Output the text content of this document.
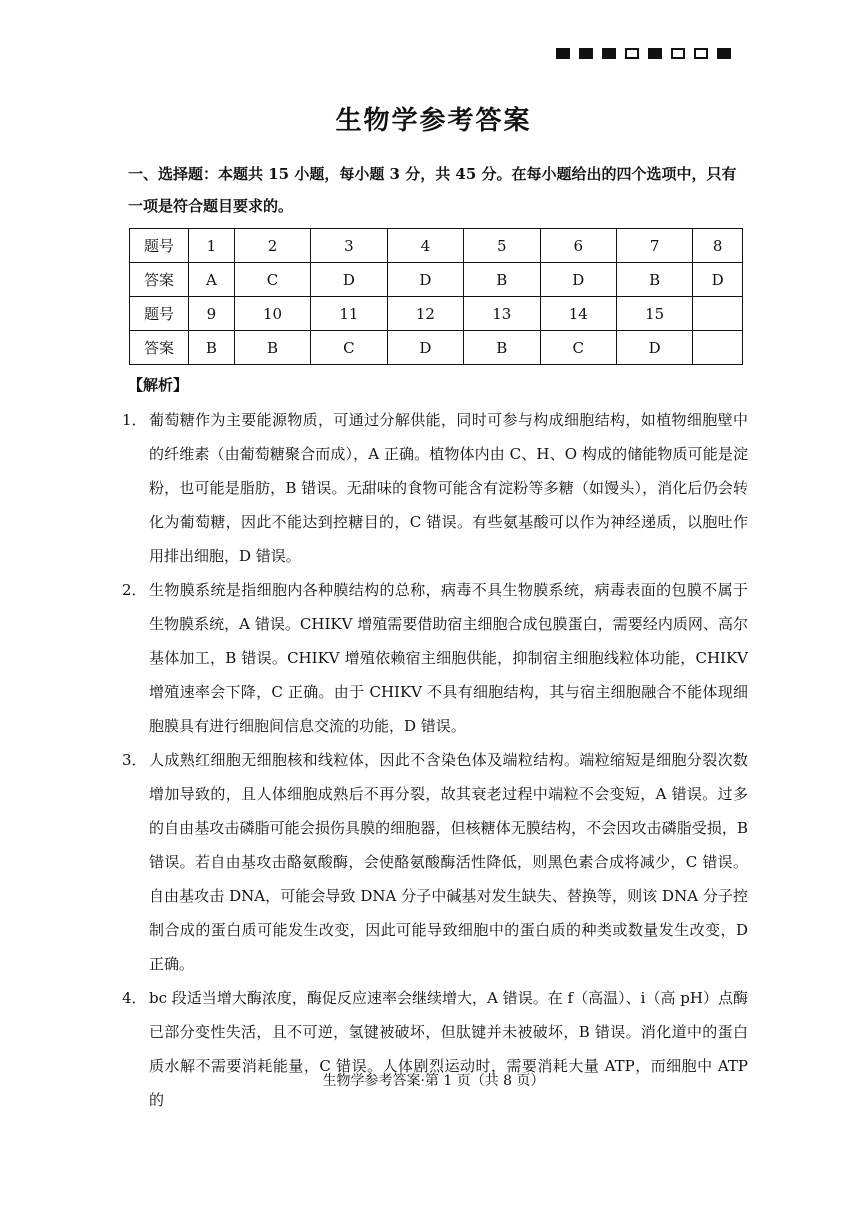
生物学参考答案
一、选择题：本题共 15 小题，每小题 3 分，共 45 分。在每小题给出的四个选项中，只有一项是符合题目要求的。
题号	1	2	3	4	5	6	7	8
答案	A	C	D	D	B	D	B	D
题号	9	10	11	12	13	14	15	
答案	B	B	C	D	B	C	D	
【解析】
1． 葡萄糖作为主要能源物质，可通过分解供能，同时可参与构成细胞结构，如植物细胞壁中的纤维素（由葡萄糖聚合而成），A 正确。植物体内由 C、H、O 构成的储能物质可能是淀粉，也可能是脂肪，B 错误。无甜味的食物可能含有淀粉等多糖（如馒头），消化后仍会转化为葡萄糖，因此不能达到控糖目的，C 错误。有些氨基酸可以作为神经递质，以胞吐作用排出细胞，D 错误。
2． 生物膜系统是指细胞内各种膜结构的总称，病毒不具生物膜系统，病毒表面的包膜不属于生物膜系统，A 错误。CHIKV 增殖需要借助宿主细胞合成包膜蛋白，需要经内质网、高尔基体加工，B 错误。CHIKV 增殖依赖宿主细胞供能，抑制宿主细胞线粒体功能，CHIKV 增殖速率会下降，C 正确。由于 CHIKV 不具有细胞结构，其与宿主细胞融合不能体现细胞膜具有进行细胞间信息交流的功能，D 错误。
3． 人成熟红细胞无细胞核和线粒体，因此不含染色体及端粒结构。端粒缩短是细胞分裂次数增加导致的，且人体细胞成熟后不再分裂，故其衰老过程中端粒不会变短，A 错误。过多的自由基攻击磷脂可能会损伤具膜的细胞器，但核糖体无膜结构，不会因攻击磷脂受损，B 错误。若自由基攻击酪氨酸酶，会使酪氨酸酶活性降低，则黑色素合成将减少，C 错误。自由基攻击 DNA，可能会导致 DNA 分子中碱基对发生缺失、替换等，则该 DNA 分子控制合成的蛋白质可能发生改变，因此可能导致细胞中的蛋白质的种类或数量发生改变，D 正确。
4． bc 段适当增大酶浓度，酶促反应速率会继续增大，A 错误。在 f（高温）、i（高 pH）点酶已部分变性失活，且不可逆，氢键被破坏，但肽键并未被破坏，B 错误。消化道中的蛋白质水解不需要消耗能量，C 错误。人体剧烈运动时，需要消耗大量 ATP，而细胞中 ATP 的
生物学参考答案·第 1 页（共 8 页）
